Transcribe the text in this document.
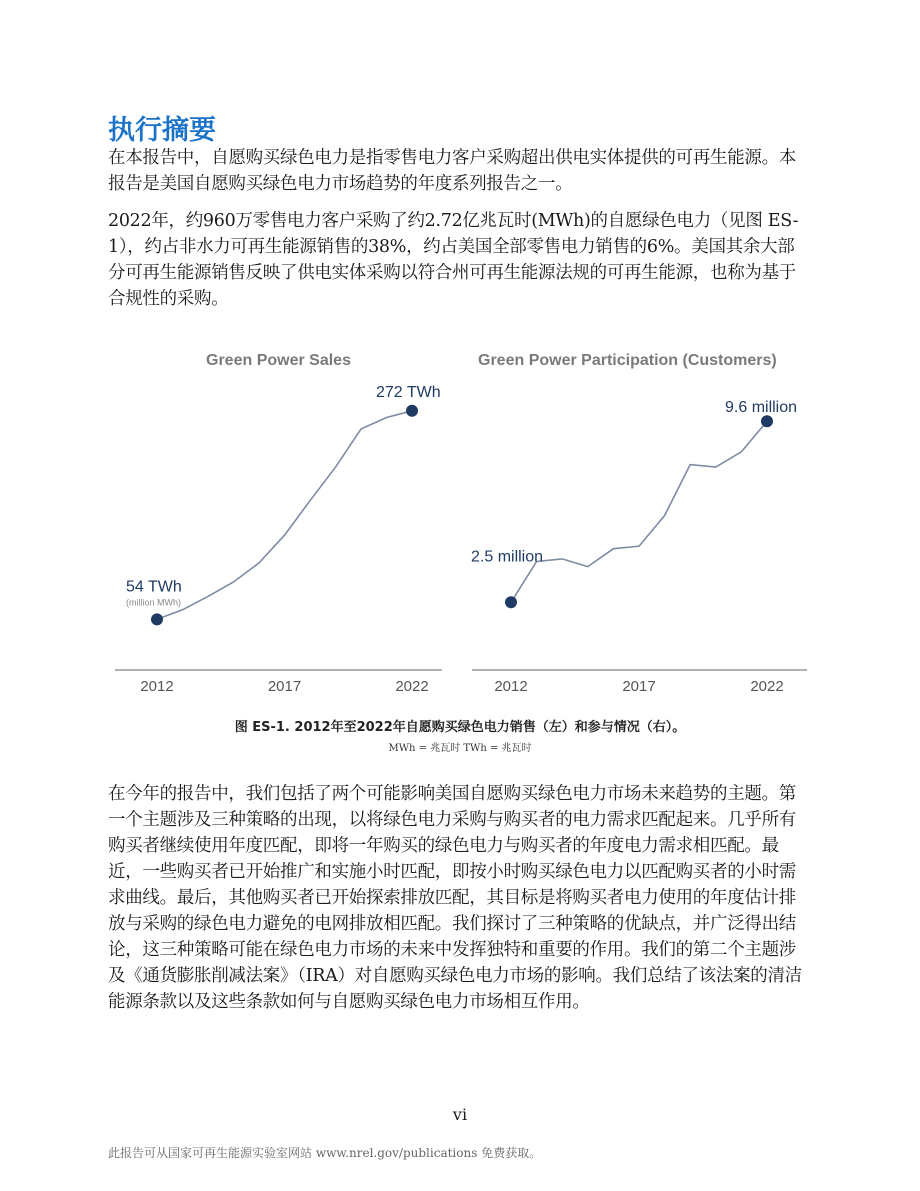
执行摘要

在本报告中，自愿购买绿色电力是指零售电力客户采购超出供电实体提供的可再生能源。本报告是美国自愿购买绿色电力市场趋势的年度系列报告之一。

2022年，约960万零售电力客户采购了约2.72亿兆瓦时(MWh)的自愿绿色电力（见图 ES-1），约占非水力可再生能源销售的38%，约占美国全部零售电力销售的6%。美国其余大部分可再生能源销售反映了供电实体采购以符合州可再生能源法规的可再生能源，也称为基于合规性的采购。

Green Power Sales
2012	2017	2022
54 TWh
(million MWh)
272 TWh
Green Power Participation (Customers)
2012	2017	2022
2.5 million
9.6 million

图 ES-1. 2012年至2022年自愿购买绿色电力销售（左）和参与情况（右）。

MWh = 兆瓦时 TWh = 兆瓦时

在今年的报告中，我们包括了两个可能影响美国自愿购买绿色电力市场未来趋势的主题。第一个主题涉及三种策略的出现，以将绿色电力采购与购买者的电力需求匹配起来。几乎所有购买者继续使用年度匹配，即将一年购买的绿色电力与购买者的年度电力需求相匹配。最近，一些购买者已开始推广和实施小时匹配，即按小时购买绿色电力以匹配购买者的小时需求曲线。最后，其他购买者已开始探索排放匹配，其目标是将购买者电力使用的年度估计排放与采购的绿色电力避免的电网排放相匹配。我们探讨了三种策略的优缺点，并广泛得出结论，这三种策略可能在绿色电力市场的未来中发挥独特和重要的作用。我们的第二个主题涉及《通货膨胀削减法案》（IRA）对自愿购买绿色电力市场的影响。我们总结了该法案的清洁能源条款以及这些条款如何与自愿购买绿色电力市场相互作用。

vi

此报告可从国家可再生能源实验室网站 www.nrel.gov/publications 免费获取。
